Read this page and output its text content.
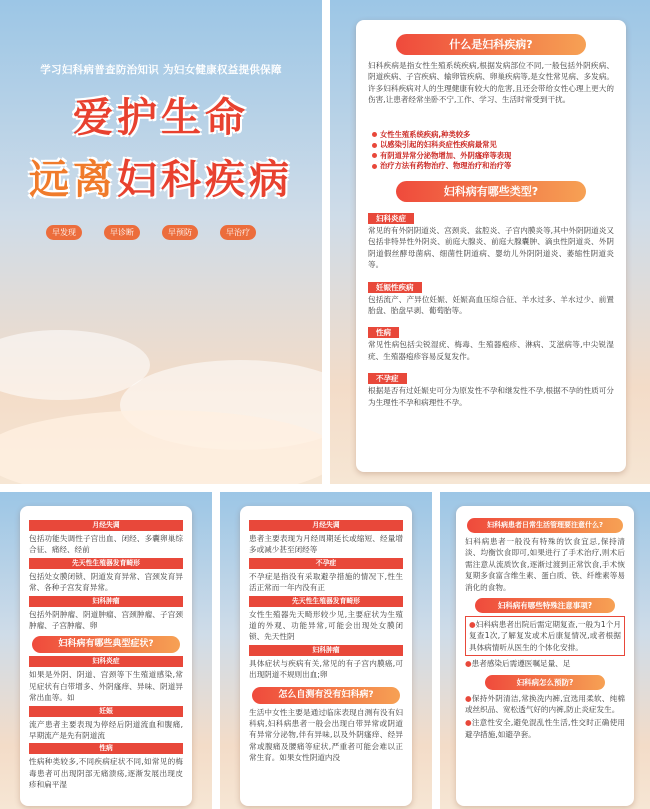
学习妇科病普查防治知识 为妇女健康权益提供保障
爱护生命
远离妇科疾病
早发现	早诊断	早预防	早治疗
什么是妇科疾病?

妇科疾病是指女性生殖系统疾病,根据发病部位不同,一般包括外阴疾病、阴道疾病、子宫疾病、输卵管疾病、卵巢疾病等,是女性常见病、多发病。许多妇科疾病对人的生理健康有较大的危害,且还会带给女性心理上更大的伤害,让患者经常坐卧不宁,工作、学习、生活时常受到干扰。

女性生殖系统疾病,种类较多

以感染引起的妇科炎症性疾病最常见

有阴道异常分泌物增加、外阴瘙痒等表现

治疗方法有药物治疗、物理治疗和治疗等

妇科病有哪些类型?
妇科炎症

常见的有外阴阴道炎、宫颈炎、盆腔炎、子宫内膜炎等,其中外阴阴道炎又包括非特异性外阴炎、前庭大腺炎、前庭大腺囊肿、滴虫性阴道炎、外阴阴道假丝酵母菌病、细菌性阴道病、婴幼儿外阴阴道炎、萎缩性阴道炎等。

妊娠性疾病

包括流产、产异位妊娠、妊娠高血压综合征、羊水过多、羊水过少、前置胎盘、胎盘早剥、葡萄胎等。

性病

常见性病包括尖锐湿疣、梅毒、生殖器疱疹、淋病、艾滋病等,中尖锐湿疣、生殖器疱疹容易反复发作。

不孕症

根据是否有过妊娠史可分为原发性不孕和继发性不孕,根据不孕的性质可分为生理性不孕和病理性不孕。

月经失调

包括功能失调性子宫出血、闭经、多囊卵巢综合征、痛经、经前

先天性生殖器发育畸形

包括处女膜闭锁、阴道发育异常、宫颈发育异常、各种子宫发育异常。

妇科肿瘤

包括外阴肿瘤、阴道肿瘤、宫颈肿瘤、子宫颈肿瘤、子宫肿瘤、卵

妇科病有哪些典型症状?
妇科炎症

如果是外阴、阴道、宫颈等下生殖道感染,常见症状有白带增多、外阴瘙痒、异味、阴道异常出血等。如

妊娠

流产患者主要表现为停经后阴道流血和腹痛,早期流产是先有阴道流

性病

性病种类较多,不同疾病症状不同,如常见的梅毒患者可出现阴部无痛溃疡,逐渐发展出现皮疹和扁平湿

月经失调

患者主要表现为月经周期延长或缩短、经量增多或减少甚至闭经等

不孕症

不孕症是指没有采取避孕措施的情况下,性生活正常而一年内没有正

先天性生殖器发育畸形

女性生殖器先天畸形较少见,主要症状为生殖道的外观、功能异常,可能会出现处女膜闭锁、先天性阴

妇科肿瘤

具体症状与疾病有关,常见的有子宫内膜癌,可出现阴道不规则出血;卵

怎么自测有没有妇科病?

生活中女性主要是通过临床表现自测有没有妇科病,妇科病患者一般会出现白带异常或阴道有异常分泌物,伴有异味,以及外阴瘙痒、经异常或腹痛及腰痛等症状,严重者可能会难以正常生育。如果女性阴道内没

妇科病患者日常生活管理要注意什么?

妇科病患者一般没有特殊的饮食宜忌,保持清淡、均衡饮食即可,如果进行了手术治疗,则术后需注意从流质饮食,逐渐过渡到正常饮食,手术恢复期多食富含维生素、蛋白质、铁、纤维素等易消化的食物。

妇科病有哪些特殊注意事项?

●妇科病患者出院后需定期复查,一般为1个月复查1次,了解复发或术后康复情况,或者根据具体病情听从医生的个体化安排。

●患者感染后需遵医嘱足量、足

妇科病怎么预防?

●保持外阴清洁,常换洗内裤,宜选用柔软、纯棉或丝织品、宽松透气好的内裤,防止炎症发生。

●注意性安全,避免混乱性生活,性交时正确使用避孕措施,如避孕套。
